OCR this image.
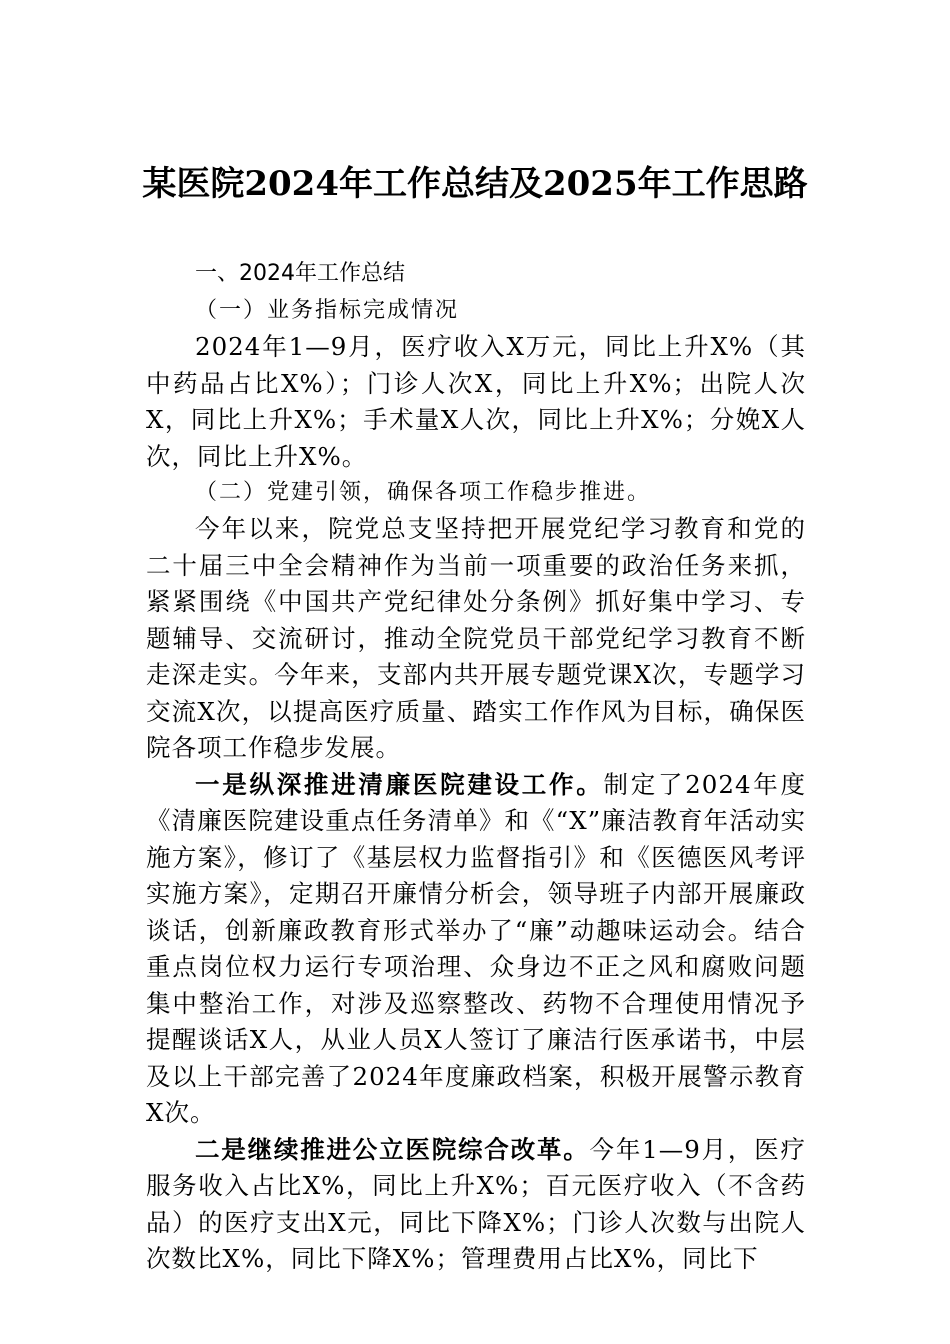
某医院2024年工作总结及2025年工作思路
一、2024年工作总结
（一）业务指标完成情况

2024年1—9月，医疗收入X万元，同比上升X%（其中药品占比X%）；门诊人次X，同比上升X%；出院人次X，同比上升X%；手术量X人次，同比上升X%；分娩X人次，同比上升X%。

（二）党建引领，确保各项工作稳步推进。

今年以来，院党总支坚持把开展党纪学习教育和党的二十届三中全会精神作为当前一项重要的政治任务来抓，紧紧围绕《中国共产党纪律处分条例》抓好集中学习、专题辅导、交流研讨，推动全院党员干部党纪学习教育不断走深走实。今年来，支部内共开展专题党课X次，专题学习交流X次，以提高医疗质量、踏实工作作风为目标，确保医院各项工作稳步发展。

一是纵深推进清廉医院建设工作。制定了2024年度《清廉医院建设重点任务清单》和《“X”廉洁教育年活动实施方案》，修订了《基层权力监督指引》和《医德医风考评实施方案》，定期召开廉情分析会，领导班子内部开展廉政谈话，创新廉政教育形式举办了“廉”动趣味运动会。结合重点岗位权力运行专项治理、众身边不正之风和腐败问题集中整治工作，对涉及巡察整改、药物不合理使用情况予提醒谈话X人，从业人员X人签订了廉洁行医承诺书，中层及以上干部完善了2024年度廉政档案，积极开展警示教育X次。

二是继续推进公立医院综合改革。今年1—9月，医疗服务收入占比X%，同比上升X%；百元医疗收入（不含药品）的医疗支出X元，同比下降X%；门诊人次数与出院人次数比X%，同比下降X%；管理费用占比X%，同比下
